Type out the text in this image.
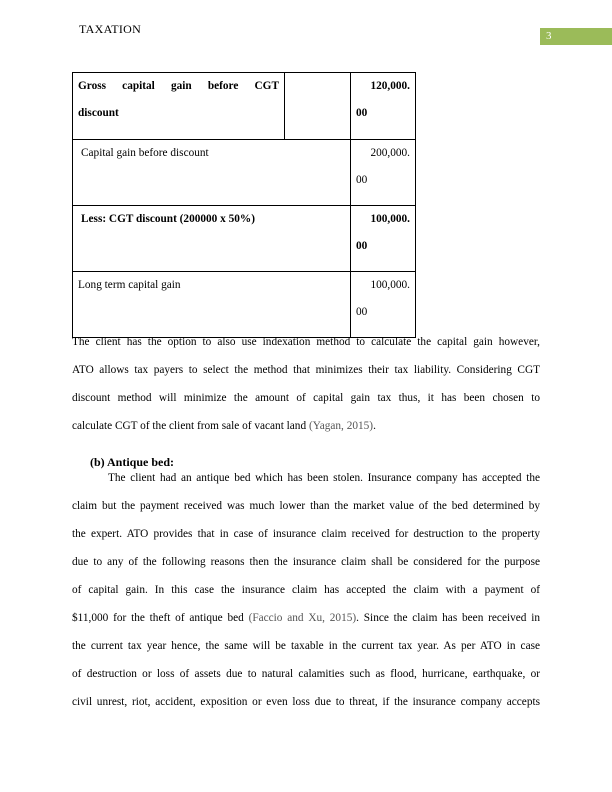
TAXATION	3
Gross capital gain before CGT
discount		120,000.
00

Capital gain before discount		200,000.
00

Less: CGT discount (200000 x 50%)		100,000.
00

Long term capital gain		100,000.
00
The client has the option to also use indexation method to calculate the capital gain however,
ATO allows tax payers to select the method that minimizes their tax liability. Considering CGT
discount method will minimize the amount of capital gain tax thus, it has been chosen to
calculate CGT of the client from sale of vacant land (Yagan, 2015).
(b) Antique bed:
The client had an antique bed which has been stolen. Insurance company has accepted the
claim but the payment received was much lower than the market value of the bed determined by
the expert. ATO provides that in case of insurance claim received for destruction to the property
due to any of the following reasons then the insurance claim shall be considered for the purpose
of capital gain. In this case the insurance claim has accepted the claim with a payment of
$11,000 for the theft of antique bed (Faccio and Xu, 2015). Since the claim has been received in
the current tax year hence, the same will be taxable in the current tax year. As per ATO in case
of destruction or loss of assets due to natural calamities such as flood, hurricane, earthquake, or
civil unrest, riot, accident, exposition or even loss due to threat, if the insurance company accepts
